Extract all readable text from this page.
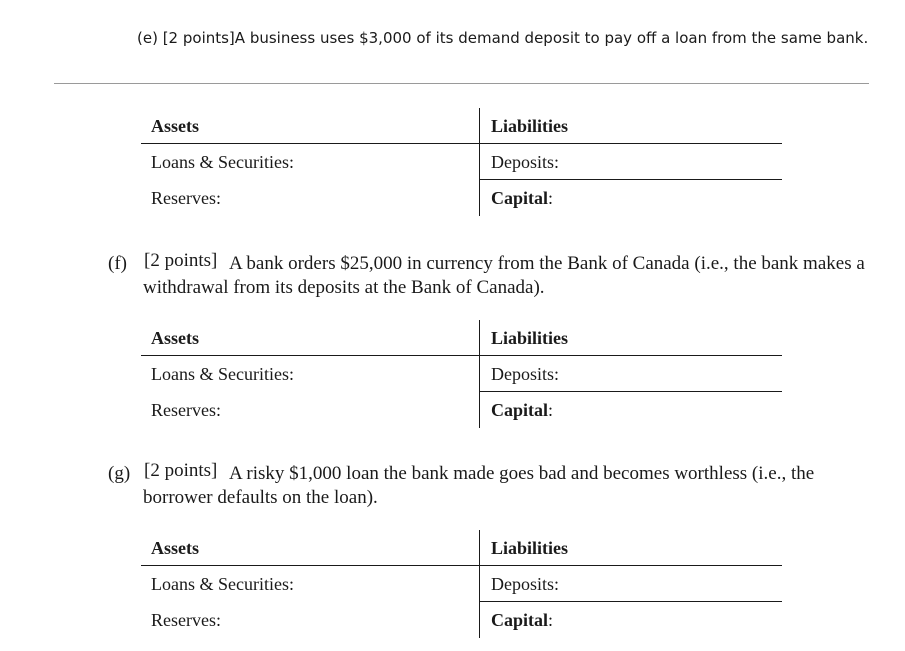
(e) [2 points]A business uses $3,000 of its demand deposit to pay off a loan from the same bank.
Assets	Liabilities
Loans & Securities:	Deposits:
Reserves:	Capital:
(f) [2 points] A bank orders $25,000 in currency from the Bank of Canada (i.e., the bank makes a withdrawal from its deposits at the Bank of Canada).
Assets	Liabilities
Loans & Securities:	Deposits:
Reserves:	Capital:
(g) [2 points] A risky $1,000 loan the bank made goes bad and becomes worthless (i.e., the borrower defaults on the loan).
Assets	Liabilities
Loans & Securities:	Deposits:
Reserves:	Capital:
